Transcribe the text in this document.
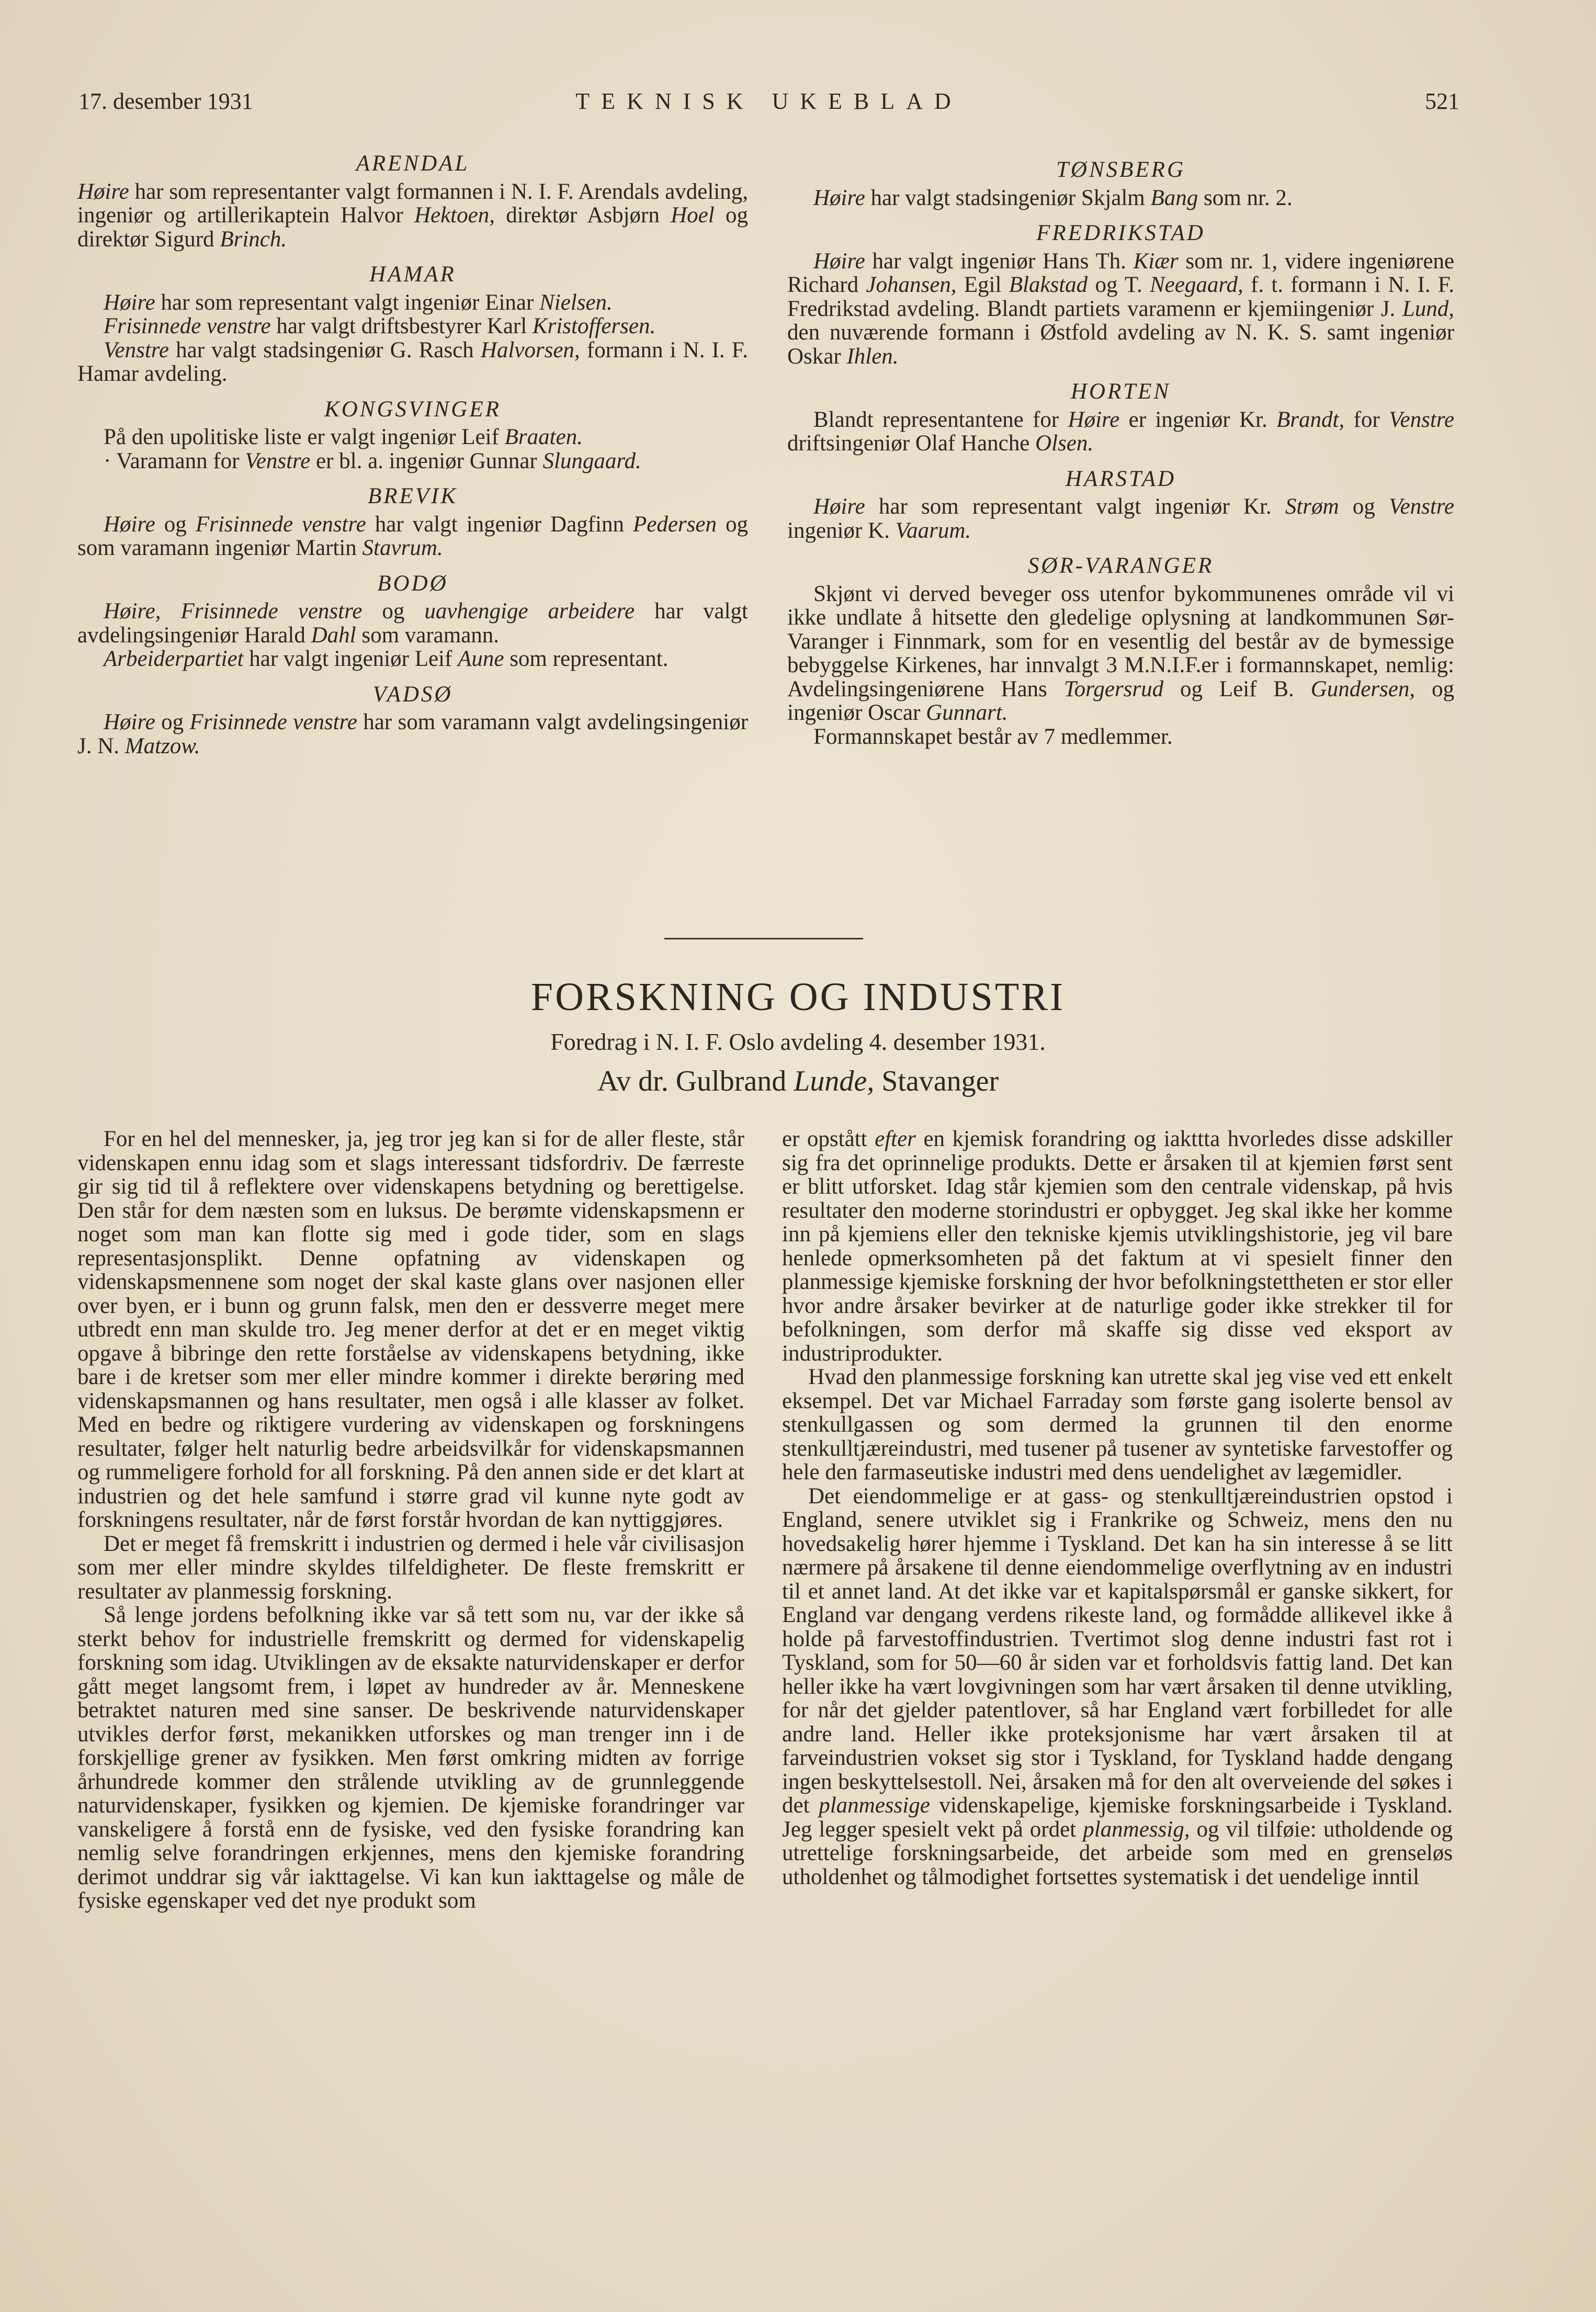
17. desember 1931	TEKNISK UKEBLAD	521
ARENDAL

Høire har som representanter valgt formannen i N. I. F. Arendals avdeling, ingeniør og artillerikaptein Halvor Hektoen, direktør Asbjørn Hoel og direktør Sigurd Brinch.

HAMAR

Høire har som representant valgt ingeniør Einar Nielsen.

Frisinnede venstre har valgt driftsbestyrer Karl Kristoffersen.

Venstre har valgt stadsingeniør G. Rasch Halvorsen, formann i N. I. F. Hamar avdeling.

KONGSVINGER

På den upolitiske liste er valgt ingeniør Leif Braaten.

· Varamann for Venstre er bl. a. ingeniør Gunnar Slungaard.

BREVIK

Høire og Frisinnede venstre har valgt ingeniør Dagfinn Pedersen og som varamann ingeniør Martin Stavrum.

BODØ

Høire, Frisinnede venstre og uavhengige arbeidere har valgt avdelingsingeniør Harald Dahl som varamann.

Arbeiderpartiet har valgt ingeniør Leif Aune som representant.

VADSØ

Høire og Frisinnede venstre har som varamann valgt avdelingsingeniør J. N. Matzow.

TØNSBERG

Høire har valgt stadsingeniør Skjalm Bang som nr. 2.

FREDRIKSTAD

Høire har valgt ingeniør Hans Th. Kiær som nr. 1, videre ingeniørene Richard Johansen, Egil Blakstad og T. Neegaard, f. t. formann i N. I. F. Fredrikstad avdeling. Blandt partiets varamenn er kjemiingeniør J. Lund, den nuværende formann i Østfold avdeling av N. K. S. samt ingeniør Oskar Ihlen.

HORTEN

Blandt representantene for Høire er ingeniør Kr. Brandt, for Venstre driftsingeniør Olaf Hanche Olsen.

HARSTAD

Høire har som representant valgt ingeniør Kr. Strøm og Venstre ingeniør K. Vaarum.

SØR-VARANGER

Skjønt vi derved beveger oss utenfor bykommunenes område vil vi ikke undlate å hitsette den gledelige oplysning at landkommunen Sør-Varanger i Finnmark, som for en vesentlig del består av de bymessige bebyggelse Kirkenes, har innvalgt 3 M.N.I.F.er i formannskapet, nemlig: Avdelingsingeniørene Hans Torgersrud og Leif B. Gundersen, og ingeniør Oscar Gunnart.

Formannskapet består av 7 medlemmer.

FORSKNING OG INDUSTRI
Foredrag i N. I. F. Oslo avdeling 4. desember 1931.
Av dr. Gulbrand Lunde, Stavanger

For en hel del mennesker, ja, jeg tror jeg kan si for de aller fleste, står videnskapen ennu idag som et slags interessant tidsfordriv. De færreste gir sig tid til å reflektere over videnskapens betydning og berettigelse. Den står for dem næsten som en luksus. De berømte videnskapsmenn er noget som man kan flotte sig med i gode tider, som en slags representasjonsplikt. Denne opfatning av videnskapen og videnskapsmennene som noget der skal kaste glans over nasjonen eller over byen, er i bunn og grunn falsk, men den er dessverre meget mere utbredt enn man skulde tro. Jeg mener derfor at det er en meget viktig opgave å bibringe den rette forståelse av videnskapens betydning, ikke bare i de kretser som mer eller mindre kommer i direkte berøring med videnskapsmannen og hans resultater, men også i alle klasser av folket. Med en bedre og riktigere vurdering av videnskapen og forskningens resultater, følger helt naturlig bedre arbeidsvilkår for videnskapsmannen og rummeligere forhold for all forskning. På den annen side er det klart at industrien og det hele samfund i større grad vil kunne nyte godt av forskningens resultater, når de først forstår hvordan de kan nyttiggjøres.

Det er meget få fremskritt i industrien og dermed i hele vår civilisasjon som mer eller mindre skyldes tilfeldigheter. De fleste fremskritt er resultater av planmessig forskning.

Så lenge jordens befolkning ikke var så tett som nu, var der ikke så sterkt behov for industrielle fremskritt og dermed for videnskapelig forskning som idag. Utviklingen av de eksakte naturvidenskaper er derfor gått meget langsomt frem, i løpet av hundreder av år. Menneskene betraktet naturen med sine sanser. De beskrivende naturvidenskaper utvikles derfor først, mekanikken utforskes og man trenger inn i de forskjellige grener av fysikken. Men først omkring midten av forrige århundrede kommer den strålende utvikling av de grunnleggende naturvidenskaper, fysikken og kjemien. De kjemiske forandringer var vanskeligere å forstå enn de fysiske, ved den fysiske forandring kan nemlig selve forandringen erkjennes, mens den kjemiske forandring derimot unddrar sig vår iakttagelse. Vi kan kun iakttagelse og måle de fysiske egenskaper ved det nye produkt som

er opstått efter en kjemisk forandring og iakttta hvorledes disse adskiller sig fra det oprinnelige produkts. Dette er årsaken til at kjemien først sent er blitt utforsket. Idag står kjemien som den centrale videnskap, på hvis resultater den moderne storindustri er opbygget. Jeg skal ikke her komme inn på kjemiens eller den tekniske kjemis utviklingshistorie, jeg vil bare henlede opmerksomheten på det faktum at vi spesielt finner den planmessige kjemiske forskning der hvor befolkningstettheten er stor eller hvor andre årsaker bevirker at de naturlige goder ikke strekker til for befolkningen, som derfor må skaffe sig disse ved eksport av industriprodukter.

Hvad den planmessige forskning kan utrette skal jeg vise ved ett enkelt eksempel. Det var Michael Farraday som første gang isolerte bensol av stenkullgassen og som dermed la grunnen til den enorme stenkulltjæreindustri, med tusener på tusener av syntetiske farvestoffer og hele den farmaseutiske industri med dens uendelighet av lægemidler.

Det eiendommelige er at gass- og stenkulltjæreindustrien opstod i England, senere utviklet sig i Frankrike og Schweiz, mens den nu hovedsakelig hører hjemme i Tyskland. Det kan ha sin interesse å se litt nærmere på årsakene til denne eiendommelige overflytning av en industri til et annet land. At det ikke var et kapitalspørsmål er ganske sikkert, for England var dengang verdens rikeste land, og formådde allikevel ikke å holde på farvestoffindustrien. Tvertimot slog denne industri fast rot i Tyskland, som for 50—60 år siden var et forholdsvis fattig land. Det kan heller ikke ha vært lovgivningen som har vært årsaken til denne utvikling, for når det gjelder patentlover, så har England vært forbilledet for alle andre land. Heller ikke proteksjonisme har vært årsaken til at farveindustrien vokset sig stor i Tyskland, for Tyskland hadde dengang ingen beskyttelsestoll. Nei, årsaken må for den alt overveiende del søkes i det planmessige videnskapelige, kjemiske forskningsarbeide i Tyskland. Jeg legger spesielt vekt på ordet planmessig, og vil tilføie: utholdende og utrettelige forskningsarbeide, det arbeide som med en grenseløs utholdenhet og tålmodighet fortsettes systematisk i det uendelige inntil
